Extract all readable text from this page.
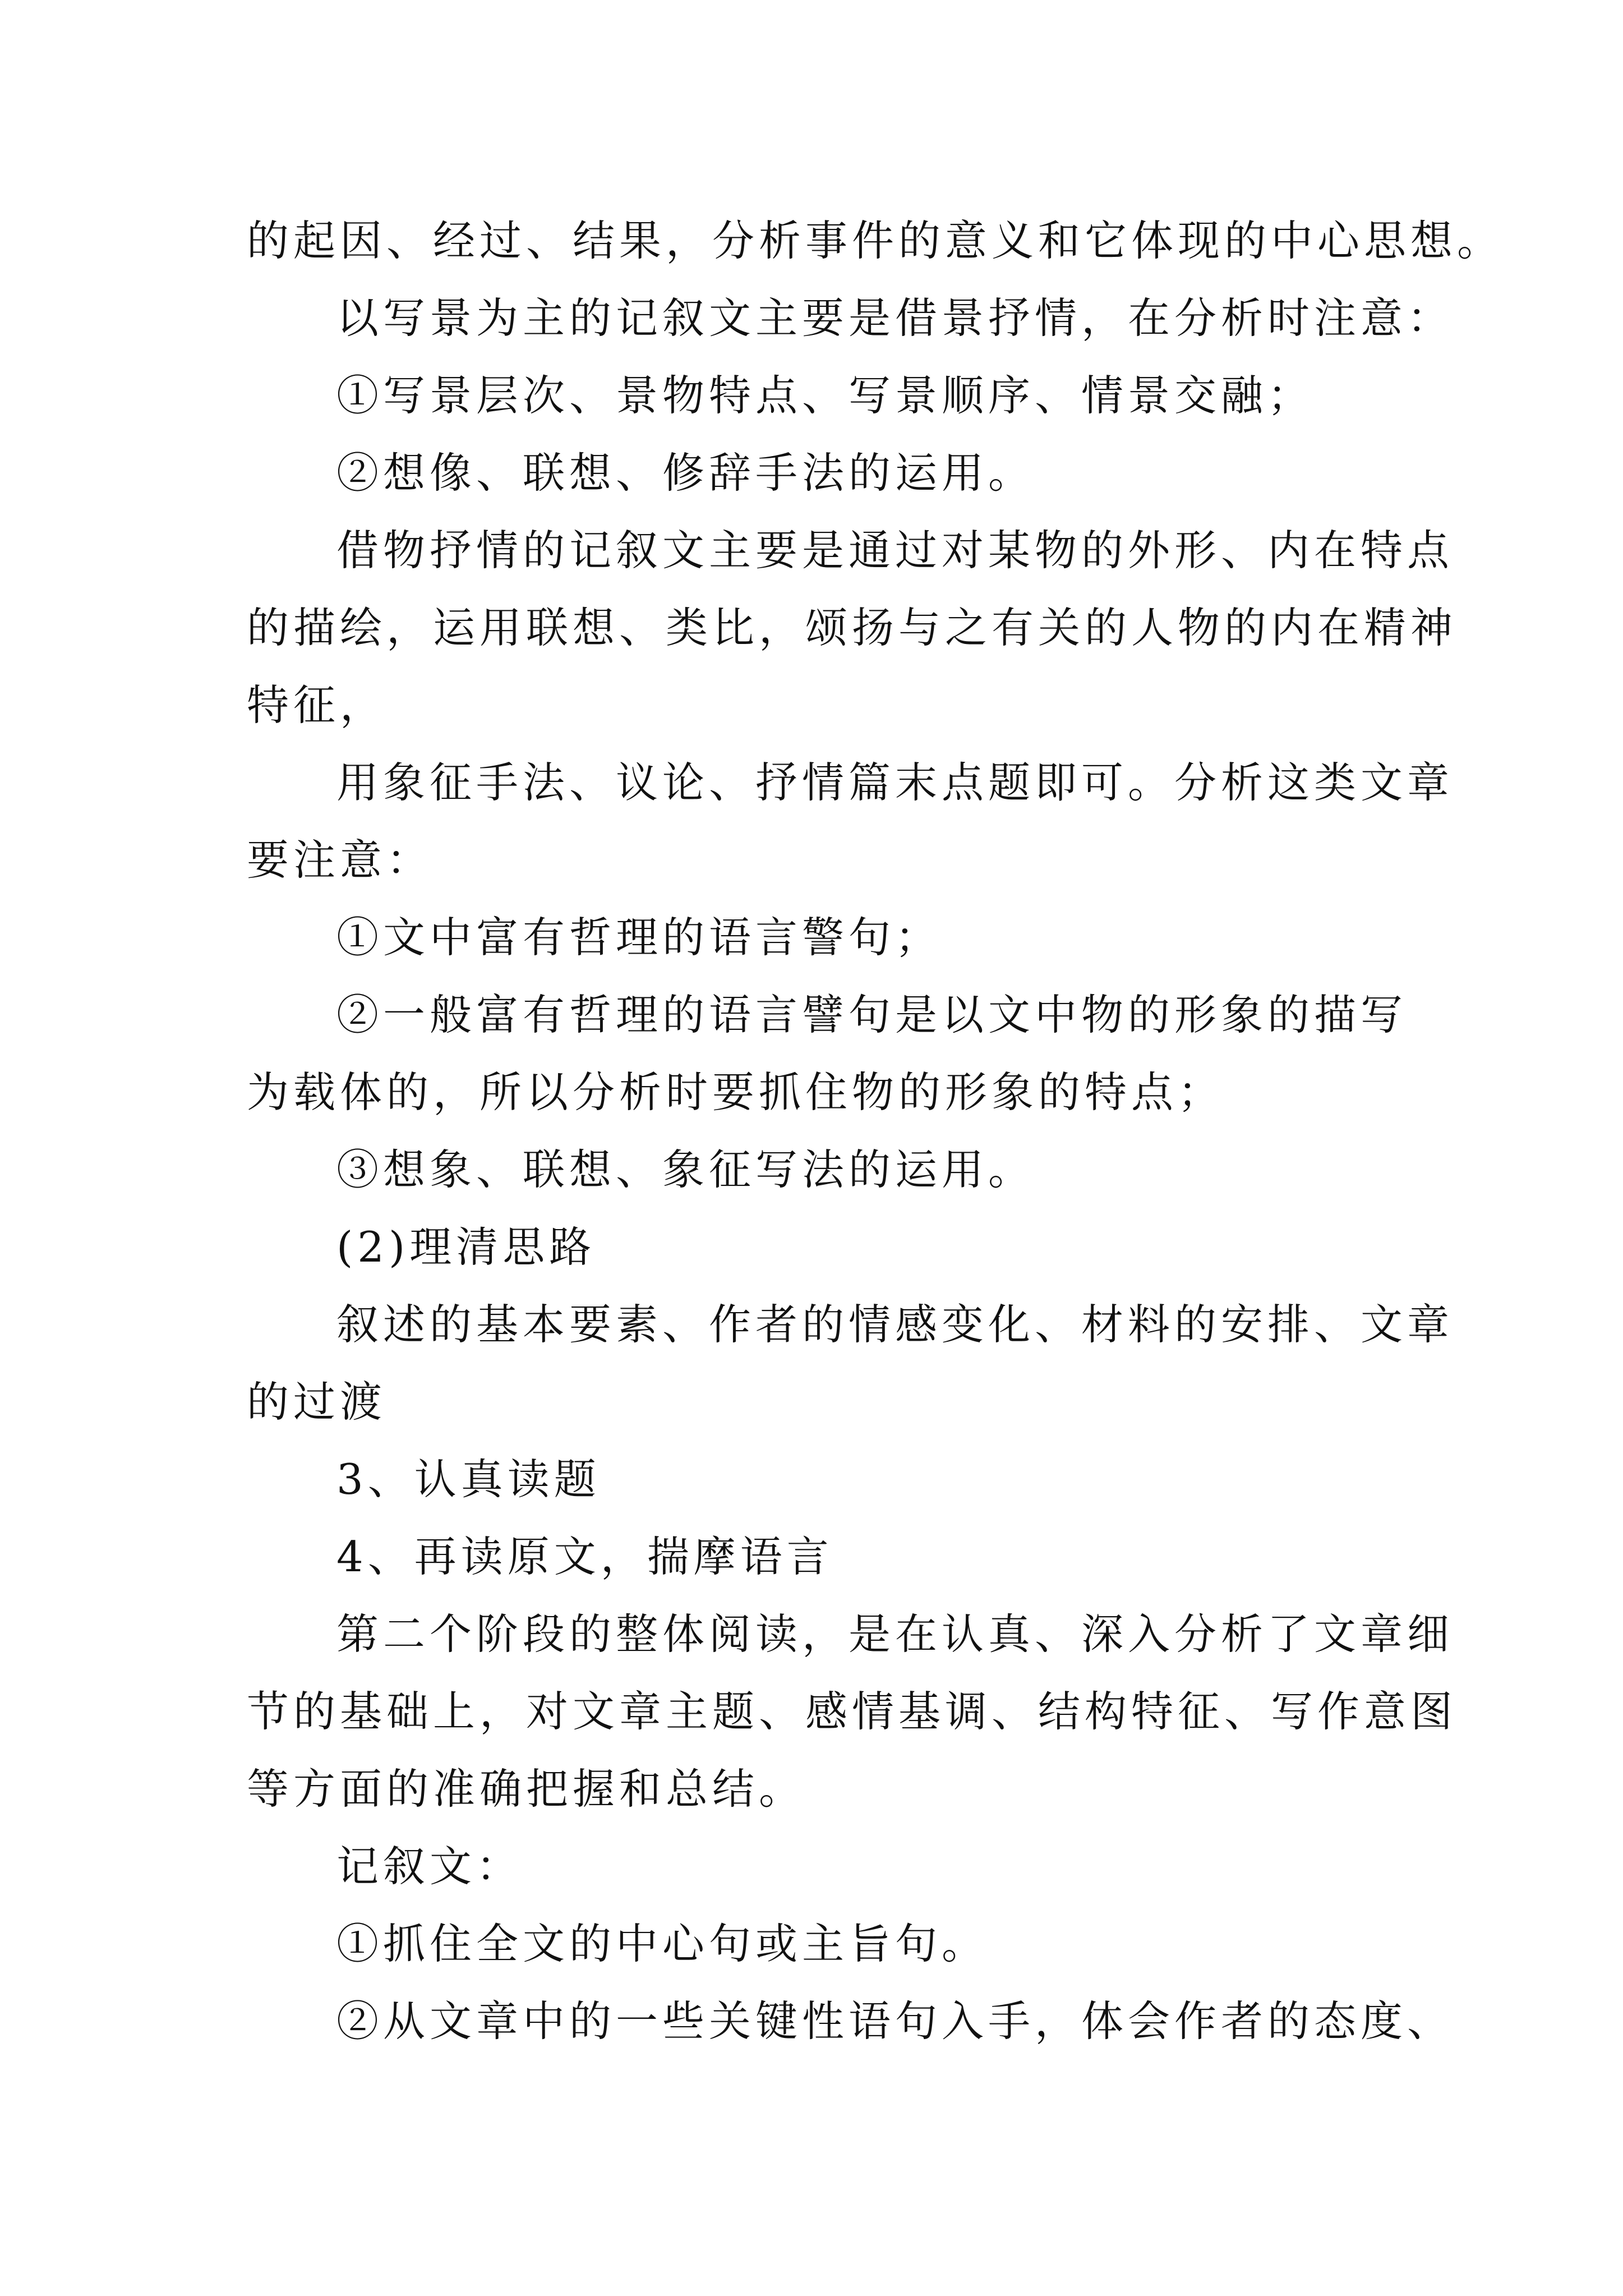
的起因、经过、结果，分析事件的意义和它体现的中心思想。
以写景为主的记叙文主要是借景抒情，在分析时注意：
①写景层次、景物特点、写景顺序、情景交融；
②想像、联想、修辞手法的运用。
借物抒情的记叙文主要是通过对某物的外形、内在特点
的描绘，运用联想、类比，颂扬与之有关的人物的内在精神
特征，
用象征手法、议论、抒情篇末点题即可。分析这类文章
要注意：
①文中富有哲理的语言警句；
②一般富有哲理的语言譬句是以文中物的形象的描写
为载体的，所以分析时要抓住物的形象的特点；
③想象、联想、象征写法的运用。
(2)理清思路
叙述的基本要素、作者的情感变化、材料的安排、文章
的过渡
3、认真读题
4、再读原文，揣摩语言
第二个阶段的整体阅读，是在认真、深入分析了文章细
节的基础上，对文章主题、感情基调、结构特征、写作意图
等方面的准确把握和总结。
记叙文：
①抓住全文的中心句或主旨句。
②从文章中的一些关键性语句入手，体会作者的态度、
